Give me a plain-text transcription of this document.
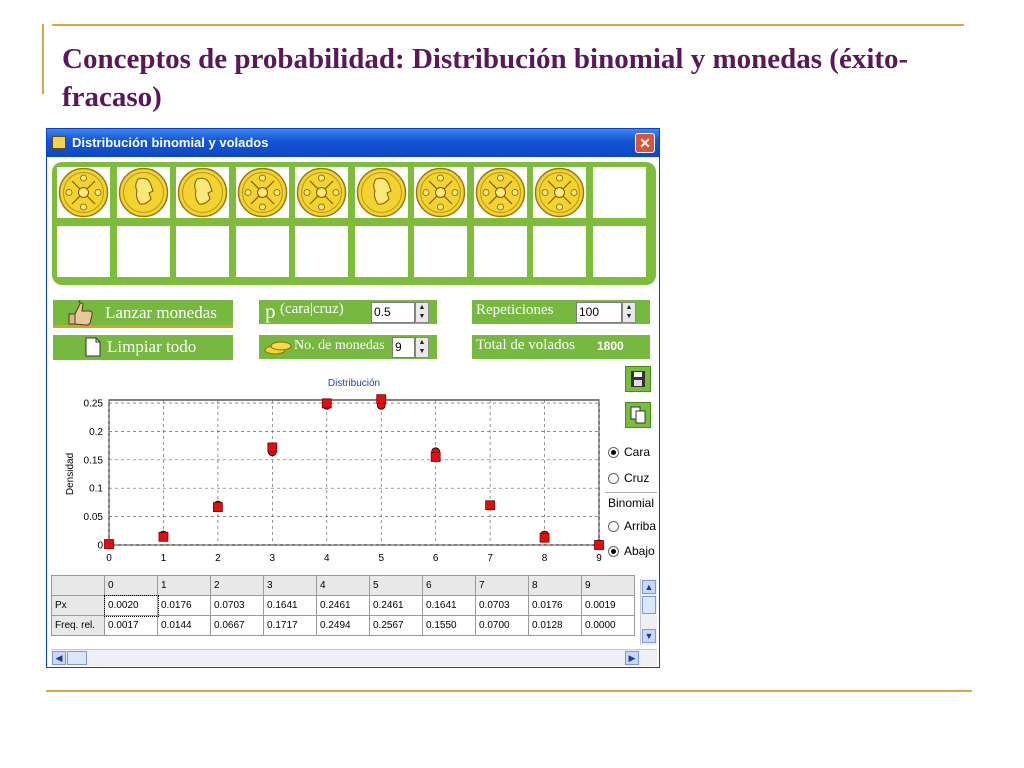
Conceptos de probabilidad: Distribución binomial y monedas (éxito-fracaso)
Distribución binomial y volados	✕
Lanzar monedas
Limpiar todo
p (cara|cruz)	0.5	▲
▼
No. de monedas 9	▲
▼
Repeticiones 100	▲
▼
Total de volados 1800
Distribución
Densidad
0
0.05
0.1
0.15
0.2
0.25
0	1	2	3	4	5	6	7	8	9
Cara
Cruz
Binomial
Arriba
Abajo
	0	1	2	3	4	5	6	7	8	9
Px	0.0020	0.0176	0.0703	0.1641	0.2461	0.2461	0.1641	0.0703	0.0176	0.0019
Freq. rel.	0.0017	0.0144	0.0667	0.1717	0.2494	0.2567	0.1550	0.0700	0.0128	0.0000
▲
▼
◀	▶
